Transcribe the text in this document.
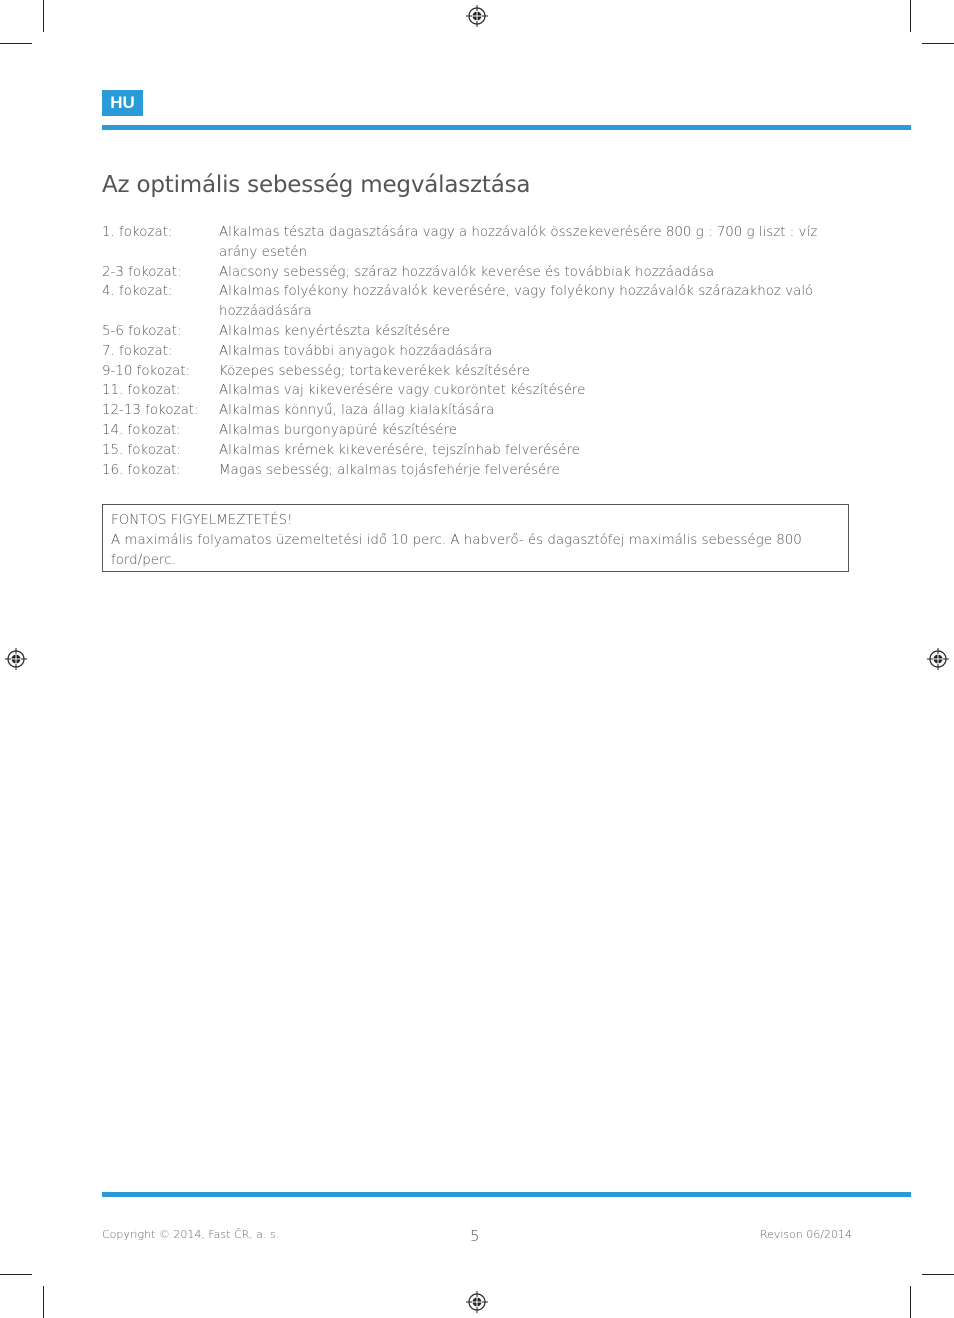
HU
Az optimális sebesség megválasztása
1. fokozat:	Alkalmas tészta dagasztására vagy a hozzávalók összekeverésére 800 g : 700 g liszt : víz arány esetén
2-3 fokozat:	Alacsony sebesség; száraz hozzávalók keverése és továbbiak hozzáadása
4. fokozat:	Alkalmas folyékony hozzávalók keverésére, vagy folyékony hozzávalók szárazakhoz való hozzáadására
5-6 fokozat:	Alkalmas kenyértészta készítésére
7. fokozat:	Alkalmas további anyagok hozzáadására
9-10 fokozat:	Közepes sebesség; tortakeverékek készítésére
11. fokozat:	Alkalmas vaj kikeverésére vagy cukoröntet készítésére
12-13 fokozat:	Alkalmas könnyű, laza állag kialakítására
14. fokozat:	Alkalmas burgonyapüré készítésére
15. fokozat:	Alkalmas krémek kikeverésére, tejszínhab felverésére
16. fokozat:	Magas sebesség; alkalmas tojásfehérje felverésére
FONTOS FIGYELMEZTETÉS!
A maximális folyamatos üzemeltetési idő 10 perc. A habverő- és dagasztófej maximális sebessége 800 ford/perc.
Copyright © 2014, Fast ČR, a. s.	5	Revison 06/2014
